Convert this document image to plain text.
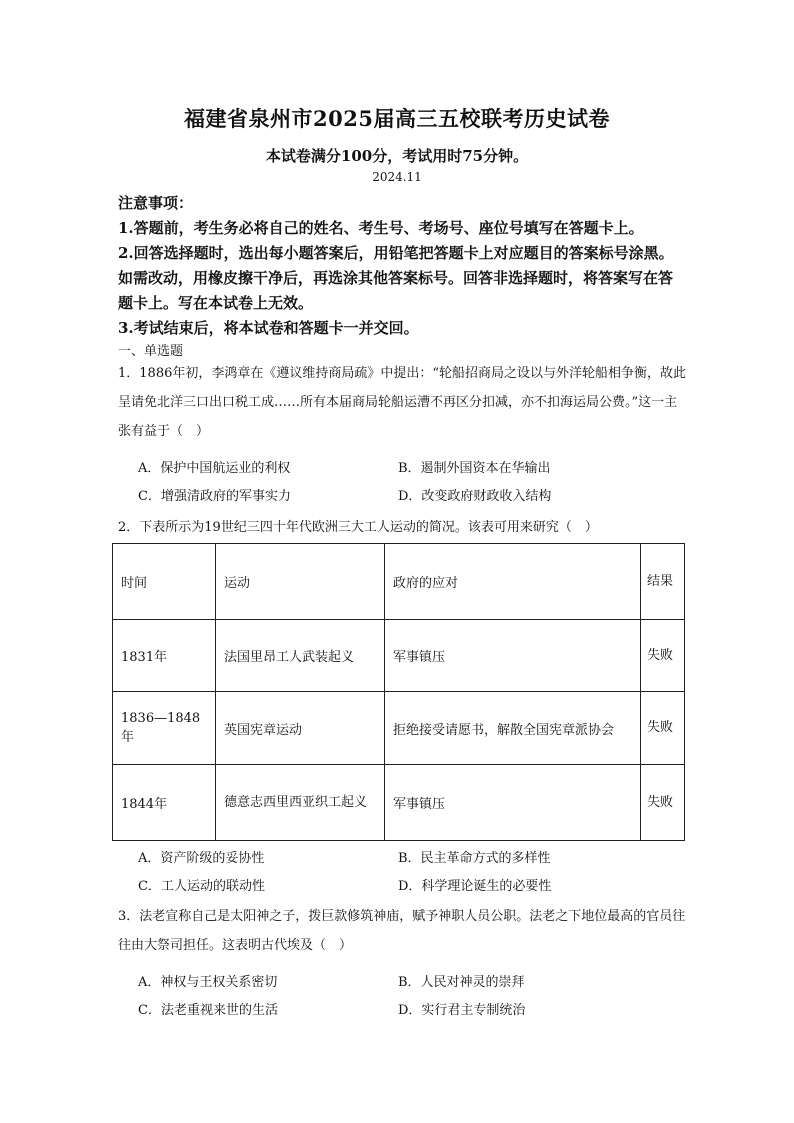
福建省泉州市2025届高三五校联考历史试卷
本试卷满分100分，考试用时75分钟。
2024.11
注意事项：

1.答题前，考生务必将自己的姓名、考生号、考场号、座位号填写在答题卡上。

2.回答选择题时，选出每小题答案后，用铅笔把答题卡上对应题目的答案标号涂黑。如需改动，用橡皮擦干净后，再选涂其他答案标号。回答非选择题时，将答案写在答题卡上。写在本试卷上无效。

3.考试结束后，将本试卷和答题卡一并交回。

一、单选题

1．1886年初，李鸿章在《遵议维持商局疏》中提出：“轮船招商局之设以与外洋轮船相争衡，故此呈请免北洋三口出口税工成……所有本届商局轮船运漕不再区分扣减，亦不扣海运局公费。”这一主张有益于（　）

A．保护中国航运业的利权	B．遏制外国资本在华输出
C．增强清政府的军事实力	D．改变政府财政收入结构

2．下表所示为19世纪三四十年代欧洲三大工人运动的简况。该表可用来研究（　）

时间	运动	政府的应对	结果
1831年	法国里昂工人武装起义	军事镇压	失败
1836—1848年	英国宪章运动	拒绝接受请愿书，解散全国宪章派协会	失败
1844年	德意志西里西亚织工起义	军事镇压	失败
A．资产阶级的妥协性	B．民主革命方式的多样性
C．工人运动的联动性	D．科学理论诞生的必要性

3．法老宣称自己是太阳神之子，拨巨款修筑神庙，赋予神职人员公职。法老之下地位最高的官员往往由大祭司担任。这表明古代埃及（　）

A．神权与王权关系密切	B．人民对神灵的崇拜
C．法老重视来世的生活	D．实行君主专制统治
